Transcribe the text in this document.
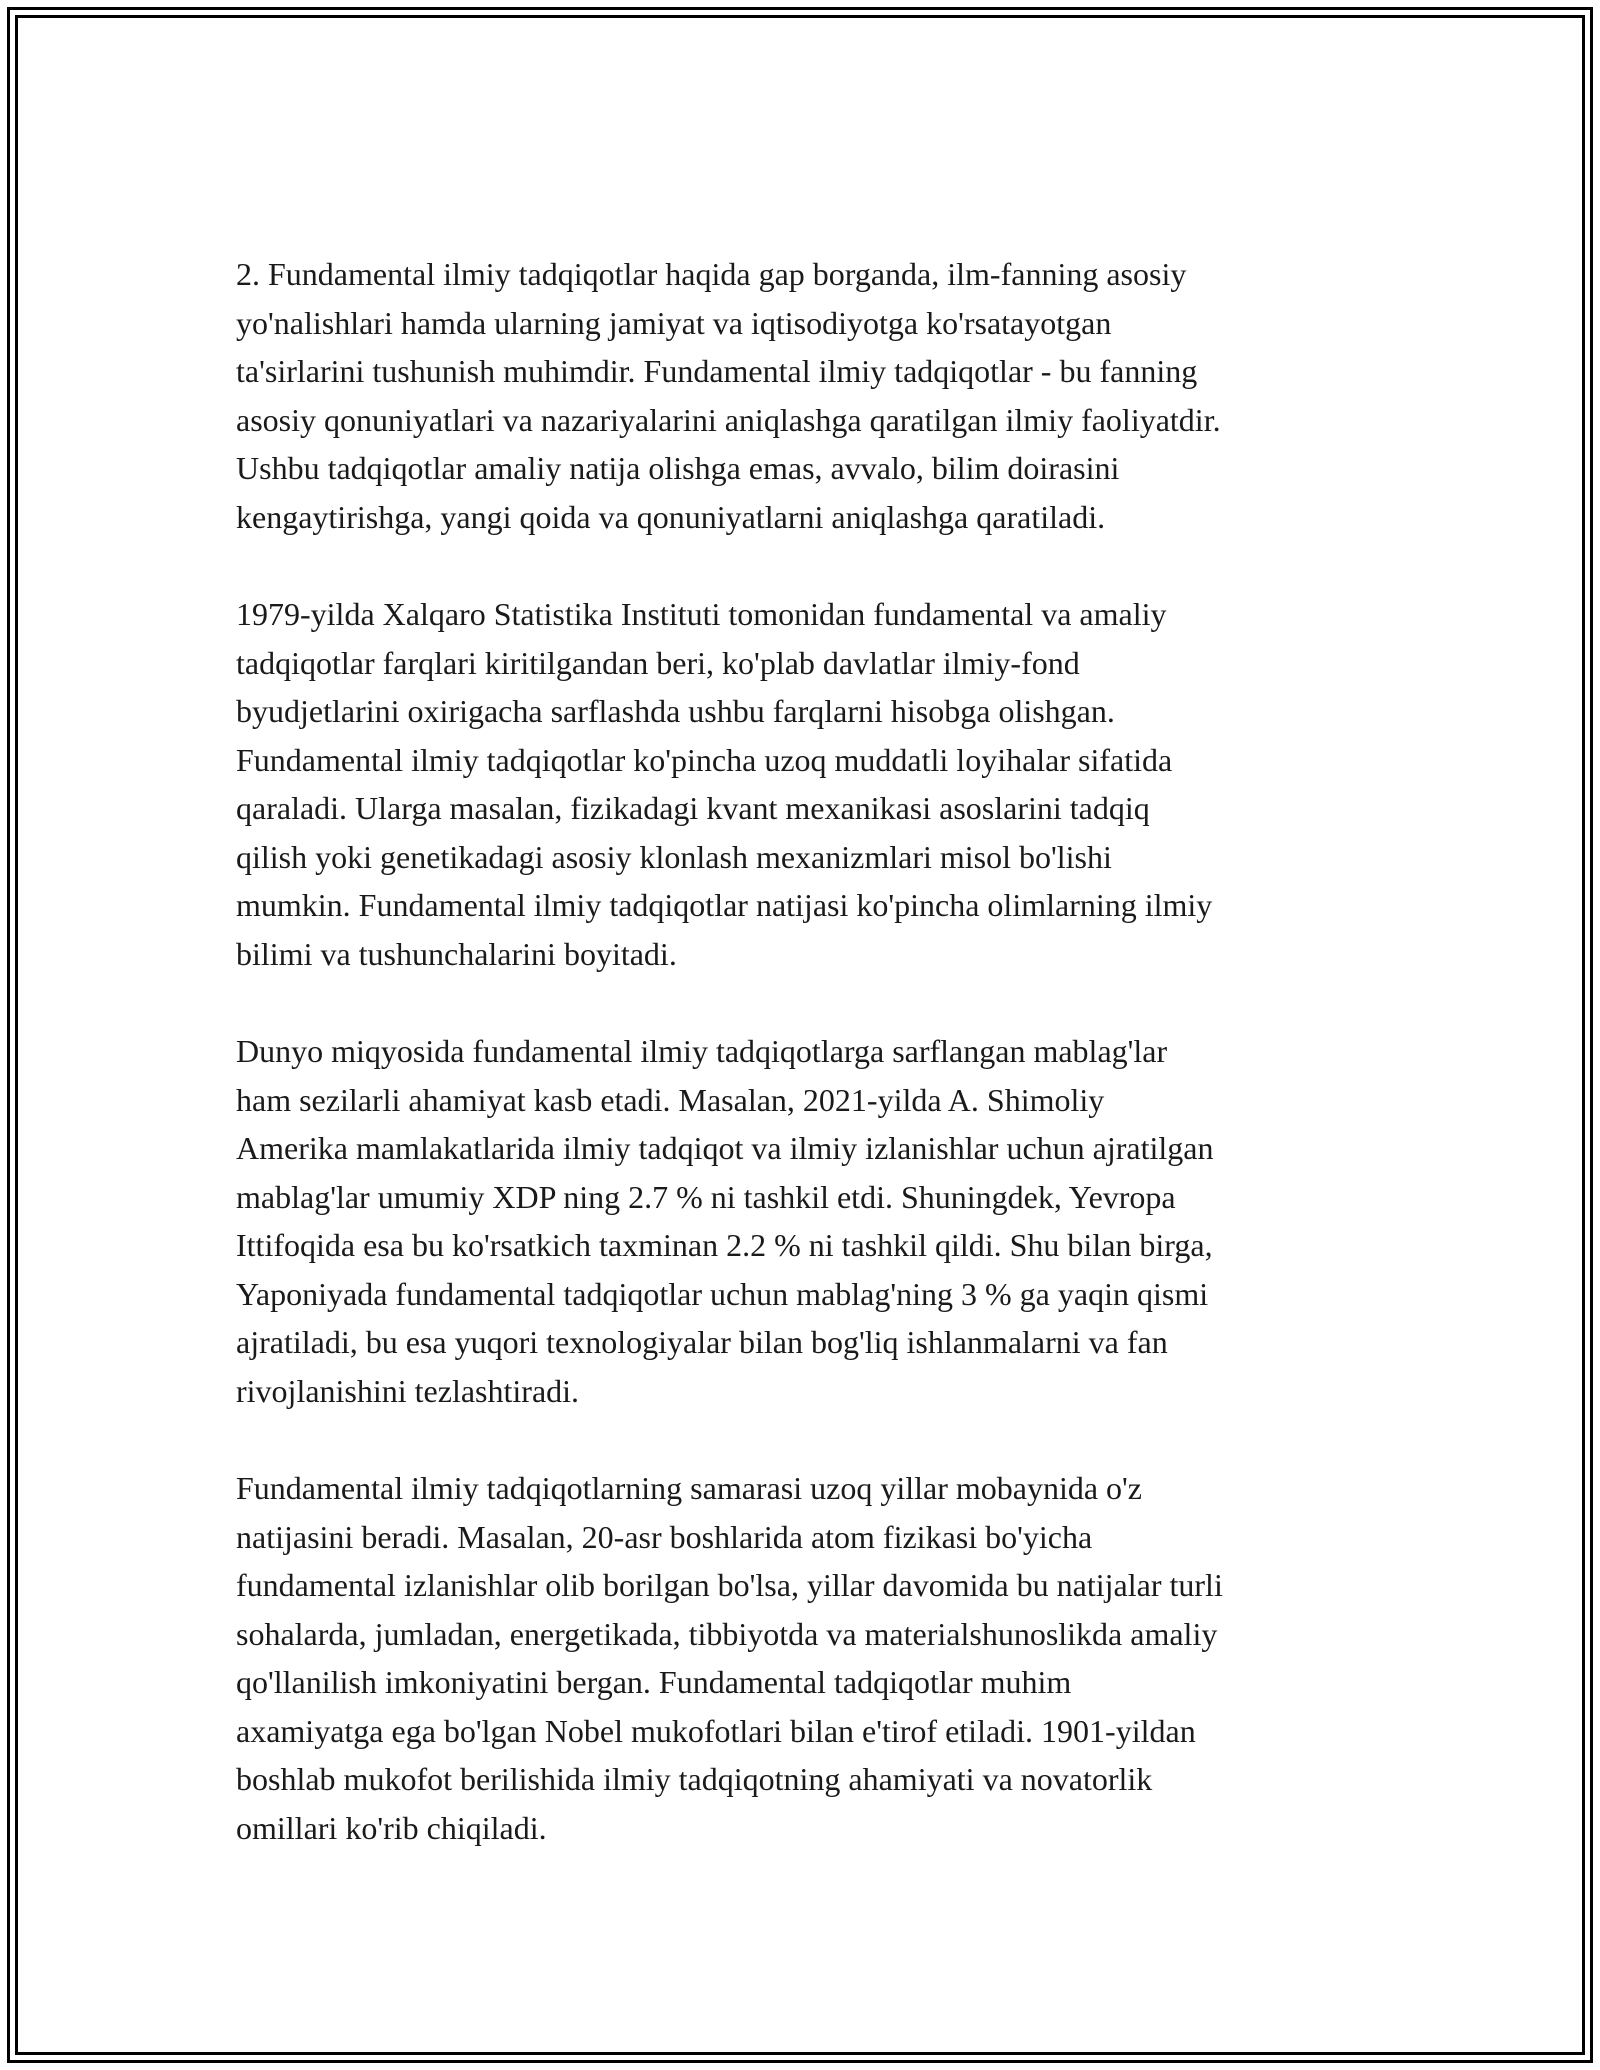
2. Fundamental ilmiy tadqiqotlar haqida gap borganda, ilm-fanning asosiy
yo'nalishlari hamda ularning jamiyat va iqtisodiyotga ko'rsatayotgan
ta'sirlarini tushunish muhimdir. Fundamental ilmiy tadqiqotlar - bu fanning
asosiy qonuniyatlari va nazariyalarini aniqlashga qaratilgan ilmiy faoliyatdir.
Ushbu tadqiqotlar amaliy natija olishga emas, avvalo, bilim doirasini
kengaytirishga, yangi qoida va qonuniyatlarni aniqlashga qaratiladi.

1979-yilda Xalqaro Statistika Instituti tomonidan fundamental va amaliy
tadqiqotlar farqlari kiritilgandan beri, ko'plab davlatlar ilmiy-fond
byudjetlarini oxirigacha sarflashda ushbu farqlarni hisobga olishgan.
Fundamental ilmiy tadqiqotlar ko'pincha uzoq muddatli loyihalar sifatida
qaraladi. Ularga masalan, fizikadagi kvant mexanikasi asoslarini tadqiq
qilish yoki genetikadagi asosiy klonlash mexanizmlari misol bo'lishi
mumkin. Fundamental ilmiy tadqiqotlar natijasi ko'pincha olimlarning ilmiy
bilimi va tushunchalarini boyitadi.

Dunyo miqyosida fundamental ilmiy tadqiqotlarga sarflangan mablag'lar
ham sezilarli ahamiyat kasb etadi. Masalan, 2021-yilda A. Shimoliy
Amerika mamlakatlarida ilmiy tadqiqot va ilmiy izlanishlar uchun ajratilgan
mablag'lar umumiy XDP ning 2.7 % ni tashkil etdi. Shuningdek, Yevropa
Ittifoqida esa bu ko'rsatkich taxminan 2.2 % ni tashkil qildi. Shu bilan birga,
Yaponiyada fundamental tadqiqotlar uchun mablag'ning 3 % ga yaqin qismi
ajratiladi, bu esa yuqori texnologiyalar bilan bog'liq ishlanmalarni va fan
rivojlanishini tezlashtiradi.

Fundamental ilmiy tadqiqotlarning samarasi uzoq yillar mobaynida o'z
natijasini beradi. Masalan, 20-asr boshlarida atom fizikasi bo'yicha
fundamental izlanishlar olib borilgan bo'lsa, yillar davomida bu natijalar turli
sohalarda, jumladan, energetikada, tibbiyotda va materialshunoslikda amaliy
qo'llanilish imkoniyatini bergan. Fundamental tadqiqotlar muhim
axamiyatga ega bo'lgan Nobel mukofotlari bilan e'tirof etiladi. 1901-yildan
boshlab mukofot berilishida ilmiy tadqiqotning ahamiyati va novatorlik
omillari ko'rib chiqiladi.
